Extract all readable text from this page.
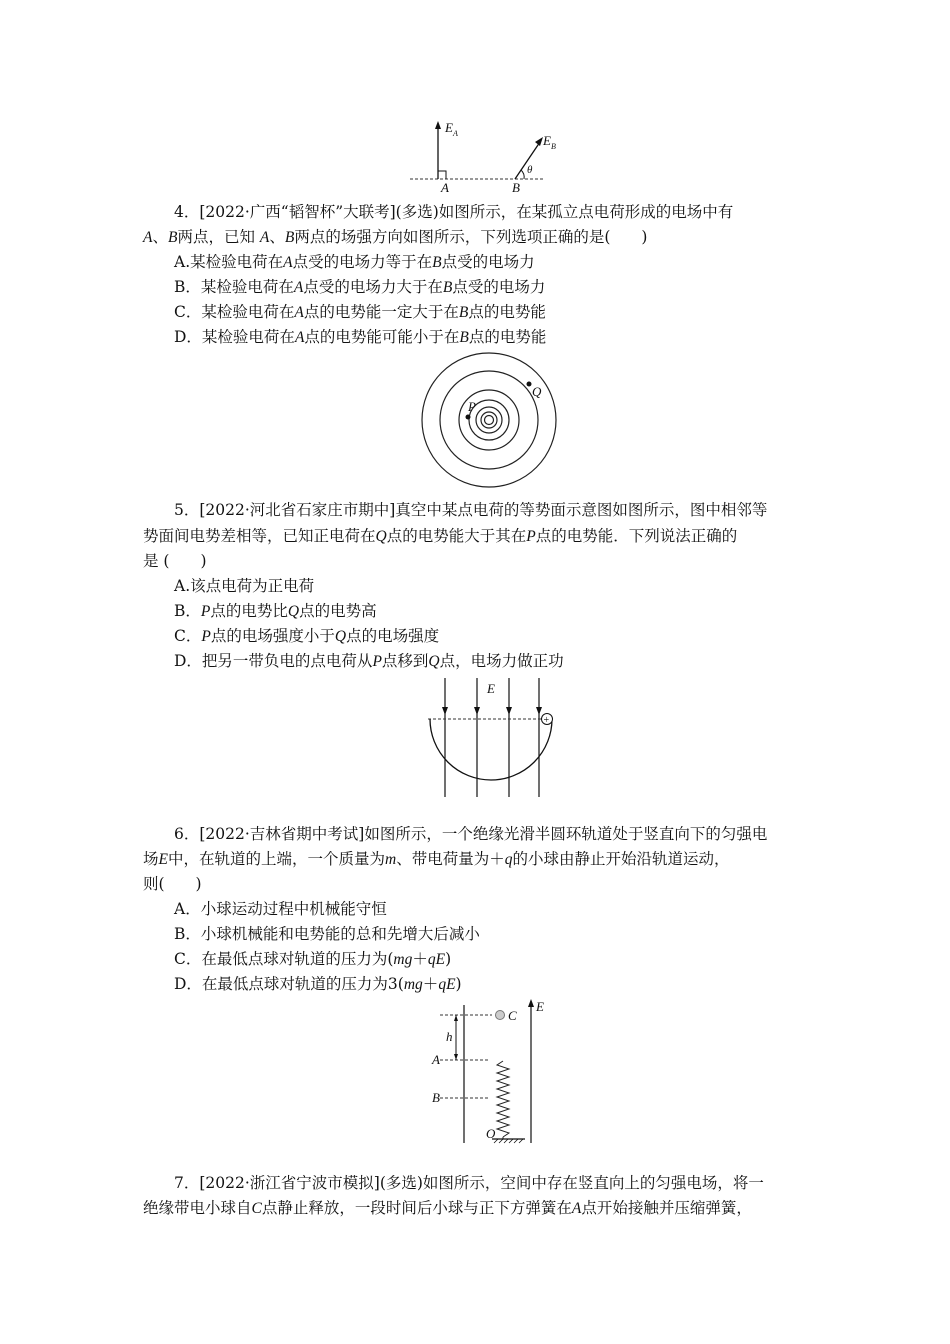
E A	E B
A	B
θ
4．[2022·广西“韬智杯”大联考](多选)如图所示，在某孤立点电荷形成的电场中有
A、B两点，已知 A、B两点的场强方向如图所示，下列选项正确的是(　　)
A.某检验电荷在A点受的电场力等于在B点受的电场力
B．某检验电荷在A点受的电场力大于在B点受的电场力
C．某检验电荷在A点的电势能一定大于在B点的电势能
D．某检验电荷在A点的电势能可能小于在B点的电势能
P
Q
5．[2022·河北省石家庄市期中]真空中某点电荷的等势面示意图如图所示，图中相邻等
势面间电势差相等，已知正电荷在Q点的电势能大于其在P点的电势能．下列说法正确的
是 (　　)
A.该点电荷为正电荷
B．P点的电势比Q点的电势高
C．P点的电场强度小于Q点的电场强度
D．把另一带负电的点电荷从P点移到Q点，电场力做正功
+
E
6．[2022·吉林省期中考试]如图所示，一个绝缘光滑半圆环轨道处于竖直向下的匀强电
场E中，在轨道的上端，一个质量为m、带电荷量为＋q的小球由静止开始沿轨道运动，
则(　　)
A．小球运动过程中机械能守恒
B．小球机械能和电势能的总和先增大后减小
C．在最低点球对轨道的压力为(mg＋qE)
D．在最低点球对轨道的压力为3(mg＋qE)
E
C
h
A
B
O
7．[2022·浙江省宁波市模拟](多选)如图所示，空间中存在竖直向上的匀强电场，将一
绝缘带电小球自C点静止释放，一段时间后小球与正下方弹簧在A点开始接触并压缩弹簧，
